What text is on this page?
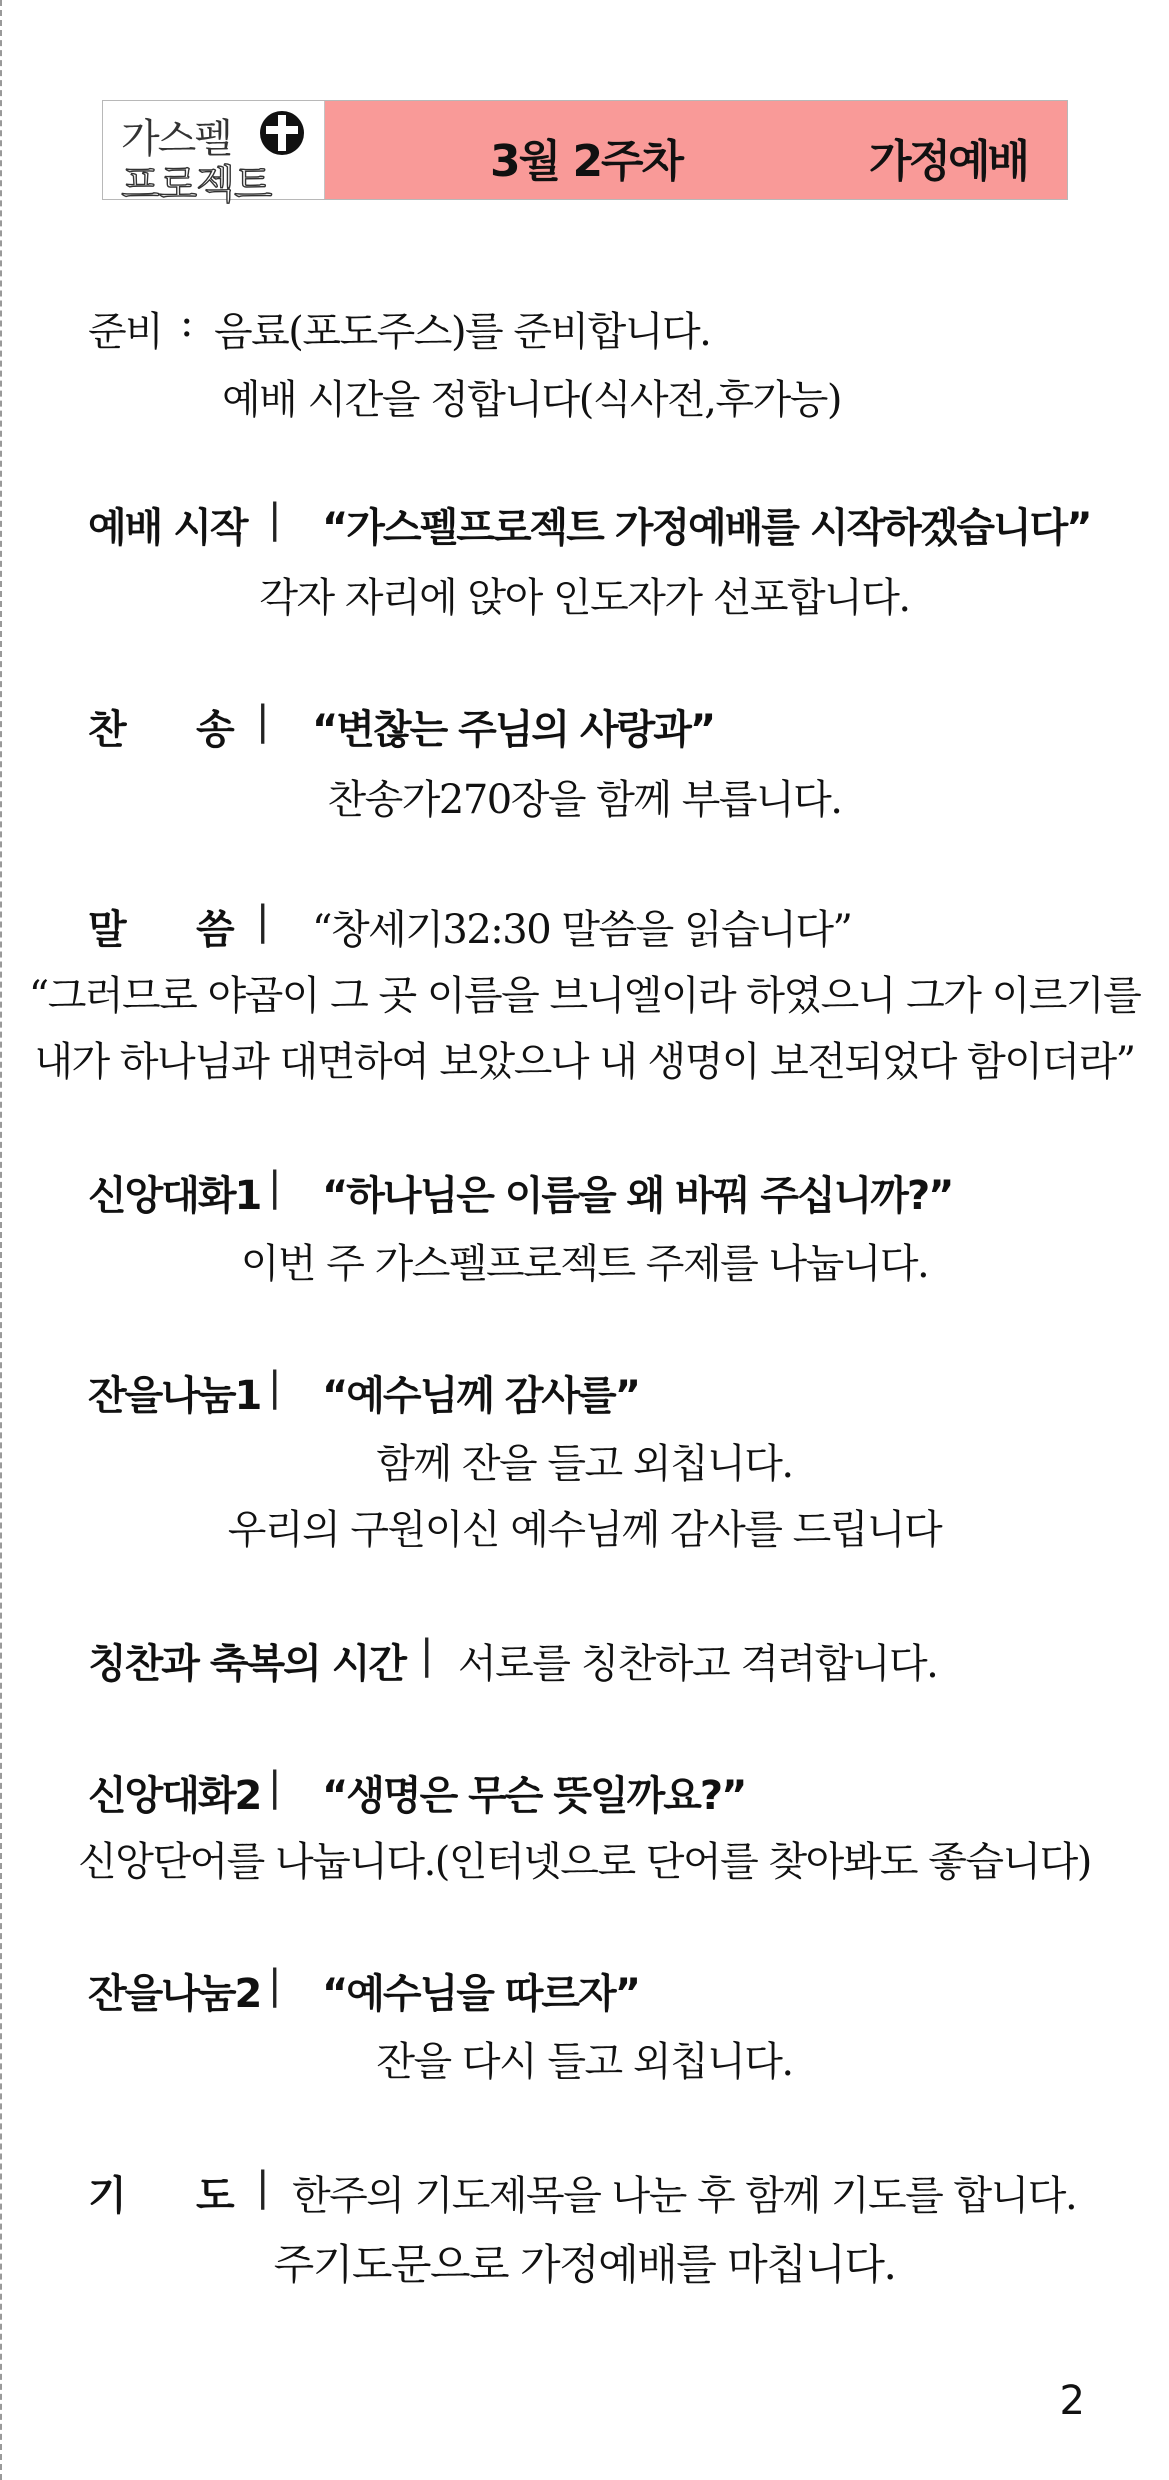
가스펠
프로젝트	3월 2주차	가정예배
준비 : 음료(포도주스)를 준비합니다.
예배 시간을 정합니다(식사전,후가능)
예배 시작 | “가스펠프로젝트 가정예배를 시작하겠습니다”
각자 자리에 앉아 인도자가 선포합니다.
찬 송 | “변찮는 주님의 사랑과”
찬송가270장을 함께 부릅니다.
말 씀 | “창세기32:30 말씀을 읽습니다”
“그러므로 야곱이 그 곳 이름을 브니엘이라 하였으니 그가 이르기를
내가 하나님과 대면하여 보았으나 내 생명이 보전되었다 함이더라”
신앙대화1 | “하나님은 이름을 왜 바꿔 주십니까?”
이번 주 가스펠프로젝트 주제를 나눕니다.
잔을나눔1 | “예수님께 감사를”
함께 잔을 들고 외칩니다.
우리의 구원이신 예수님께 감사를 드립니다
칭찬과 축복의 시간 | 서로를 칭찬하고 격려합니다.
신앙대화2 | “생명은 무슨 뜻일까요?”
신앙단어를 나눕니다.(인터넷으로 단어를 찾아봐도 좋습니다)
잔을나눔2 | “예수님을 따르자”
잔을 다시 들고 외칩니다.
기 도 | 한주의 기도제목을 나눈 후 함께 기도를 합니다.
주기도문으로 가정예배를 마칩니다.
2
